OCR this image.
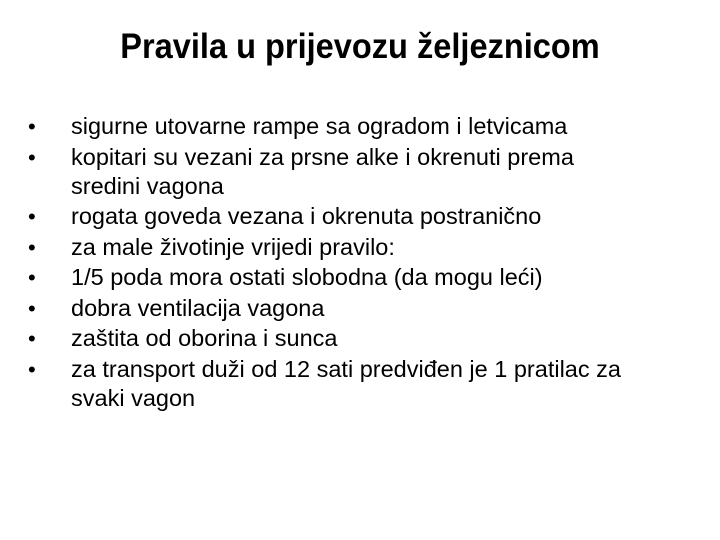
Pravila u prijevozu željeznicom
•	sigurne utovarne rampe sa ogradom i letvicama
•	kopitari su vezani za prsne alke i okrenuti prema sredini vagona
•	rogata goveda vezana i okrenuta postranično
•	za male životinje vrijedi pravilo:
•	1/5 poda mora ostati slobodna (da mogu leći)
•	dobra ventilacija vagona
•	zaštita od oborina i sunca
•	za transport duži od 12 sati predviđen je 1 pratilac za svaki vagon
